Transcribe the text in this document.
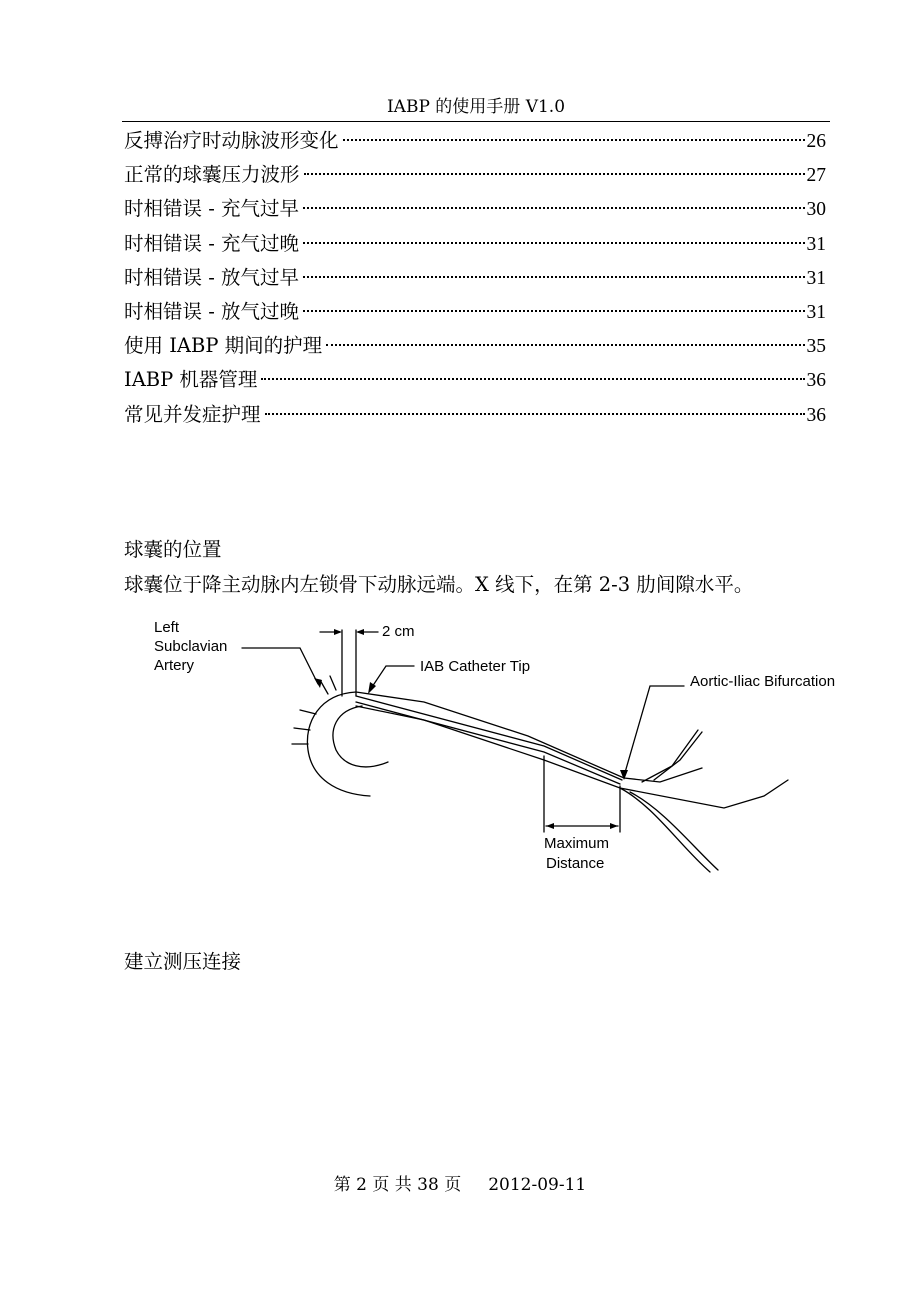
IABP 的使用手册 V1.0
反搏治疗时动脉波形变化	26
正常的球囊压力波形	27
时相错误 - 充气过早	30
时相错误 - 充气过晚	31
时相错误 - 放气过早	31
时相错误 - 放气过晚	31
使用 IABP 期间的护理	35
IABP 机器管理	36
常见并发症护理	36
球囊的位置
球囊位于降主动脉内左锁骨下动脉远端。X 线下，在第 2-3 肋间隙水平。
Left
Subclavian
Artery
2 cm
IAB Catheter Tip
Aortic-Iliac Bifurcation
Maximum
Distance
建立测压连接
第 2 页 共 38 页     2012-09-11
